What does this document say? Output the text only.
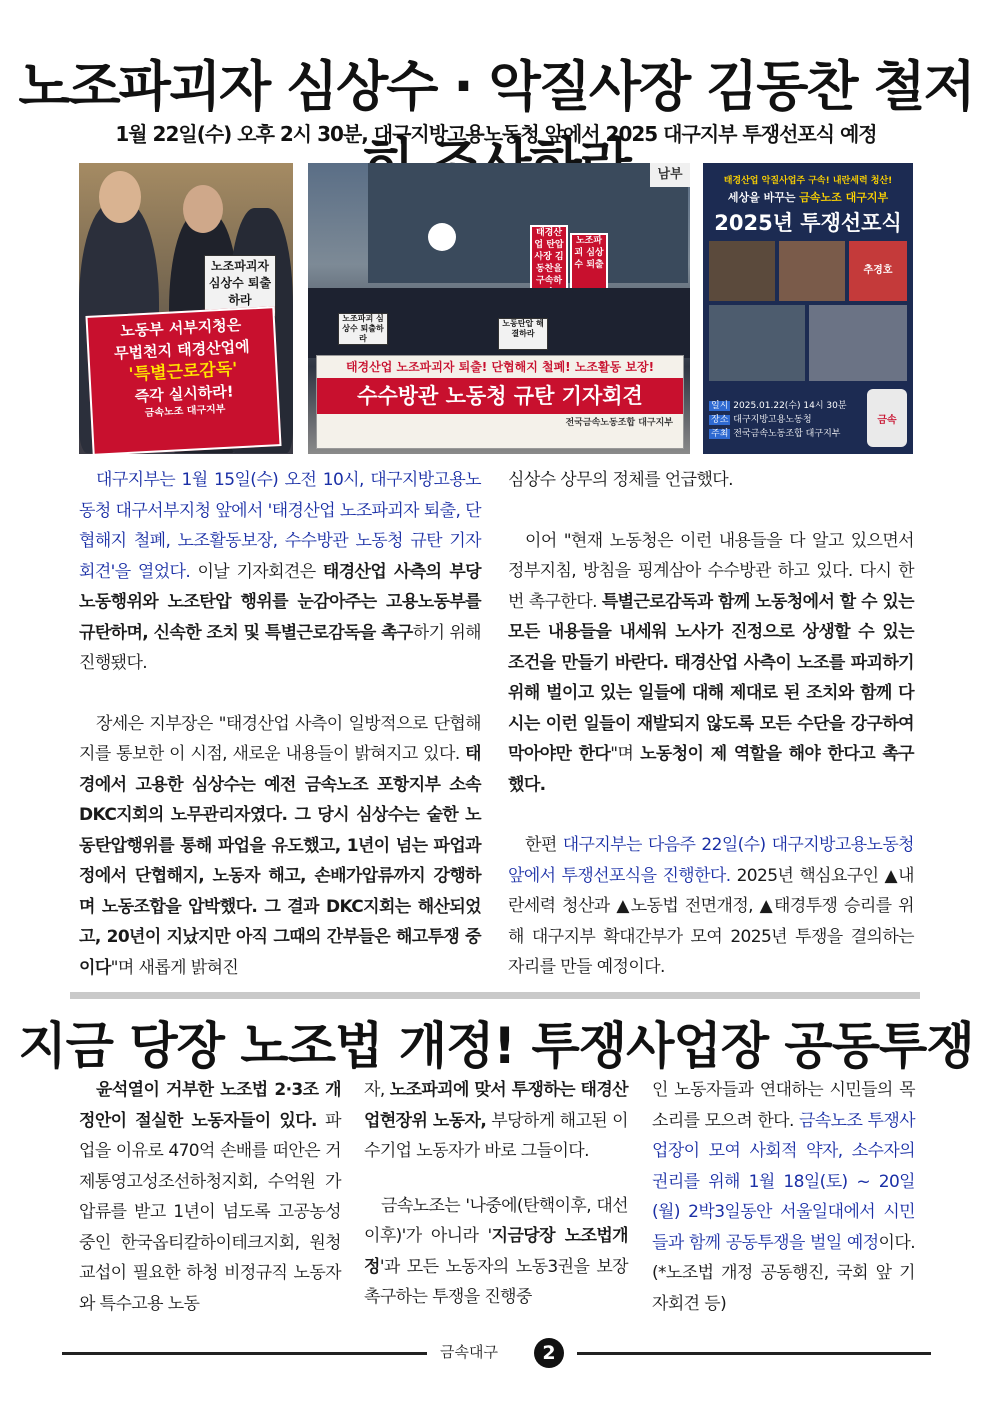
노조파괴자 심상수 · 악질사장 김동찬 철저
1월 22일(수) 오후 2시 30분, 대구지방고용노동청 앞에서 2025 대구지부 투쟁선포식 예정
노조파괴자 심상수 퇴출하라
노동부 서부지청은
무법천지 태경산업에
'특별근로감독'
즉각 실시하라!
금속노조 대구지부
남부
태경산업 탄압사장 김동찬을 구속하
노조파괴 심상수 퇴출
노조파괴 심상수 퇴출하라
노동탄압 해결하라
태경산업 노조파괴자 퇴출! 단협해지 철폐! 노조활동 보장!
수수방관 노동청 규탄 기자회견
전국금속노동조합 대구지부
태경산업 악질사업주 구속! 내란세력 청산!
세상을 바꾸는 금속노조 대구지부
2025년 투쟁선포식
추경호
일시 2025.01.22(수) 14시 30분
장소 대구지방고용노동청
주최 전국금속노동조합 대구지부
금속

대구지부는 1월 15일(수) 오전 10시, 대구지방고용노동청 대구서부지청 앞에서 '태경산업 노조파괴자 퇴출, 단협해지 철폐, 노조활동보장, 수수방관 노동청 규탄 기자회견'을 열었다. 이날 기자회견은 태경산업 사측의 부당노동행위와 노조탄압 행위를 눈감아주는 고용노동부를 규탄하며, 신속한 조치 및 특별근로감독을 촉구하기 위해 진행됐다.

장세은 지부장은 "태경산업 사측이 일방적으로 단협해지를 통보한 이 시점, 새로운 내용들이 밝혀지고 있다. 태경에서 고용한 심상수는 예전 금속노조 포항지부 소속 DKC지회의 노무관리자였다. 그 당시 심상수는 숱한 노동탄압행위를 통해 파업을 유도했고, 1년이 넘는 파업과정에서 단협해지, 노동자 해고, 손배가압류까지 강행하며 노동조합을 압박했다. 그 결과 DKC지회는 해산되었고, 20년이 지났지만 아직 그때의 간부들은 해고투쟁 중이다"며 새롭게 밝혀진

심상수 상무의 정체를 언급했다.

이어 "현재 노동청은 이런 내용들을 다 알고 있으면서 정부지침, 방침을 핑계삼아 수수방관 하고 있다. 다시 한 번 촉구한다. 특별근로감독과 함께 노동청에서 할 수 있는 모든 내용들을 내세워 노사가 진정으로 상생할 수 있는 조건을 만들기 바란다. 태경산업 사측이 노조를 파괴하기 위해 벌이고 있는 일들에 대해 제대로 된 조치와 함께 다시는 이런 일들이 재발되지 않도록 모든 수단을 강구하여 막아야만 한다"며 노동청이 제 역할을 해야 한다고 촉구했다.

한편 대구지부는 다음주 22일(수) 대구지방고용노동청 앞에서 투쟁선포식을 진행한다. 2025년 핵심요구인 ▲내란세력 청산과 ▲노동법 전면개정, ▲태경투쟁 승리를 위해 대구지부 확대간부가 모여 2025년 투쟁을 결의하는 자리를 만들 예정이다.

지금 당장 노조법 개정! 투쟁사업장 공동투쟁

윤석열이 거부한 노조법 2·3조 개정안이 절실한 노동자들이 있다. 파업을 이유로 470억 손배를 떠안은 거제통영고성조선하청지회, 수억원 가압류를 받고 1년이 넘도록 고공농성 중인 한국옵티칼하이테크지회, 원청 교섭이 필요한 하청 비정규직 노동자와 특수고용 노동

자, 노조파괴에 맞서 투쟁하는 태경산업현장위 노동자, 부당하게 해고된 이수기업 노동자가 바로 그들이다.

금속노조는 '나중에(탄핵이후, 대선이후)'가 아니라 '지금당장 노조법개정'과 모든 노동자의 노동3권을 보장 촉구하는 투쟁을 진행중

인 노동자들과 연대하는 시민들의 목소리를 모으려 한다. 금속노조 투쟁사업장이 모여 사회적 약자, 소수자의 권리를 위해 1월 18일(토) ~ 20일(월) 2박3일동안 서울일대에서 시민들과 함께 공동투쟁을 벌일 예정이다. (*노조법 개정 공동행진, 국회 앞 기자회견 등)

금속대구	2
